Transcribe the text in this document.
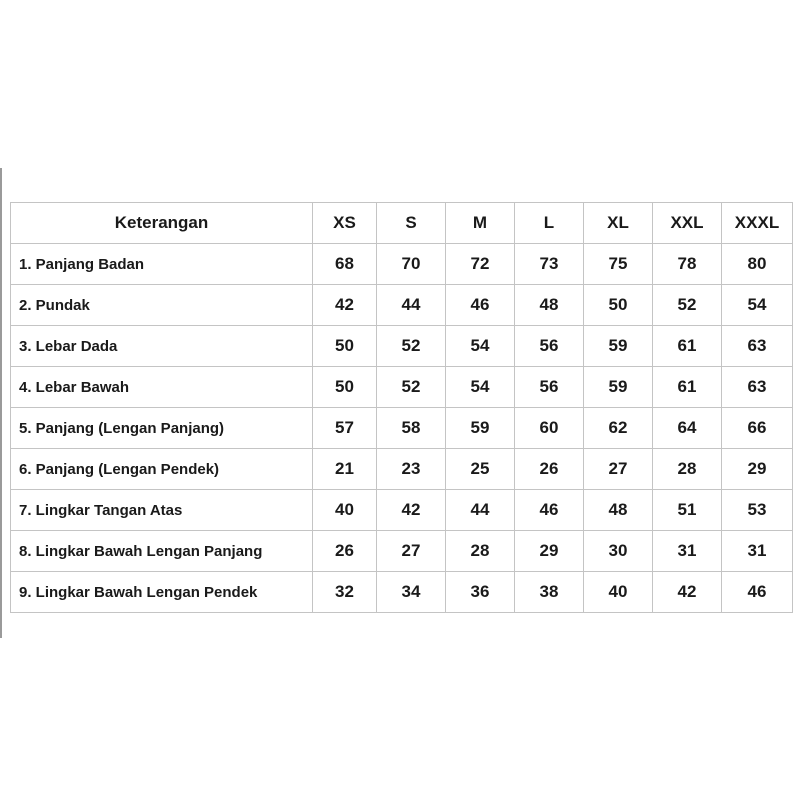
Keterangan	XS	S	M	L	XL	XXL	XXXL
1. Panjang Badan	68	70	72	73	75	78	80
2. Pundak	42	44	46	48	50	52	54
3. Lebar Dada	50	52	54	56	59	61	63
4. Lebar Bawah	50	52	54	56	59	61	63
5. Panjang (Lengan Panjang)	57	58	59	60	62	64	66
6. Panjang (Lengan Pendek)	21	23	25	26	27	28	29
7. Lingkar Tangan Atas	40	42	44	46	48	51	53
8. Lingkar Bawah Lengan Panjang	26	27	28	29	30	31	31
9. Lingkar Bawah Lengan Pendek	32	34	36	38	40	42	46
